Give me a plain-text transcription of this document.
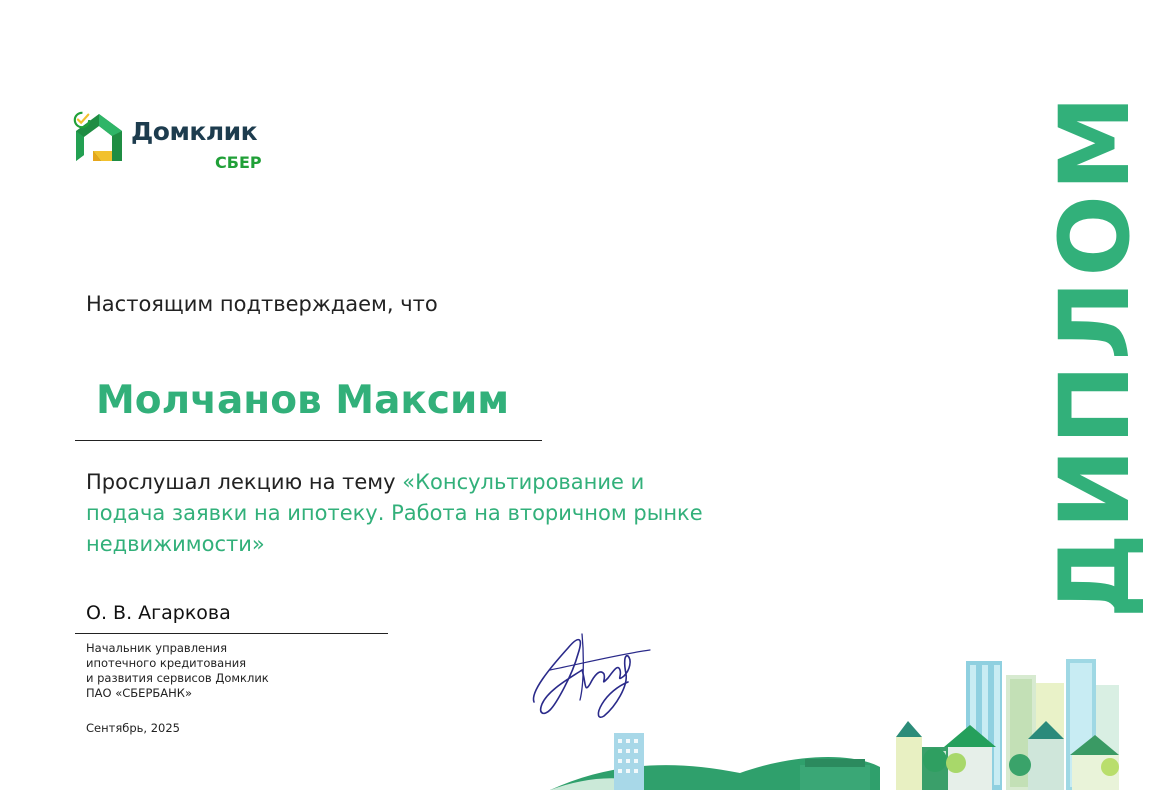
Домклик
СБЕР
Настоящим подтверждаем, что
Молчанов Максим
Прослушал лекцию на тему «Консультирование и подача заявки на ипотеку. Работа на вторичном рынке недвижимости»
О. В. Агаркова
Начальник управления
ипотечного кредитования
и развития сервисов Домклик
ПАО «СБЕРБАНК»
Сентябрь, 2025
ДИПЛОМ
